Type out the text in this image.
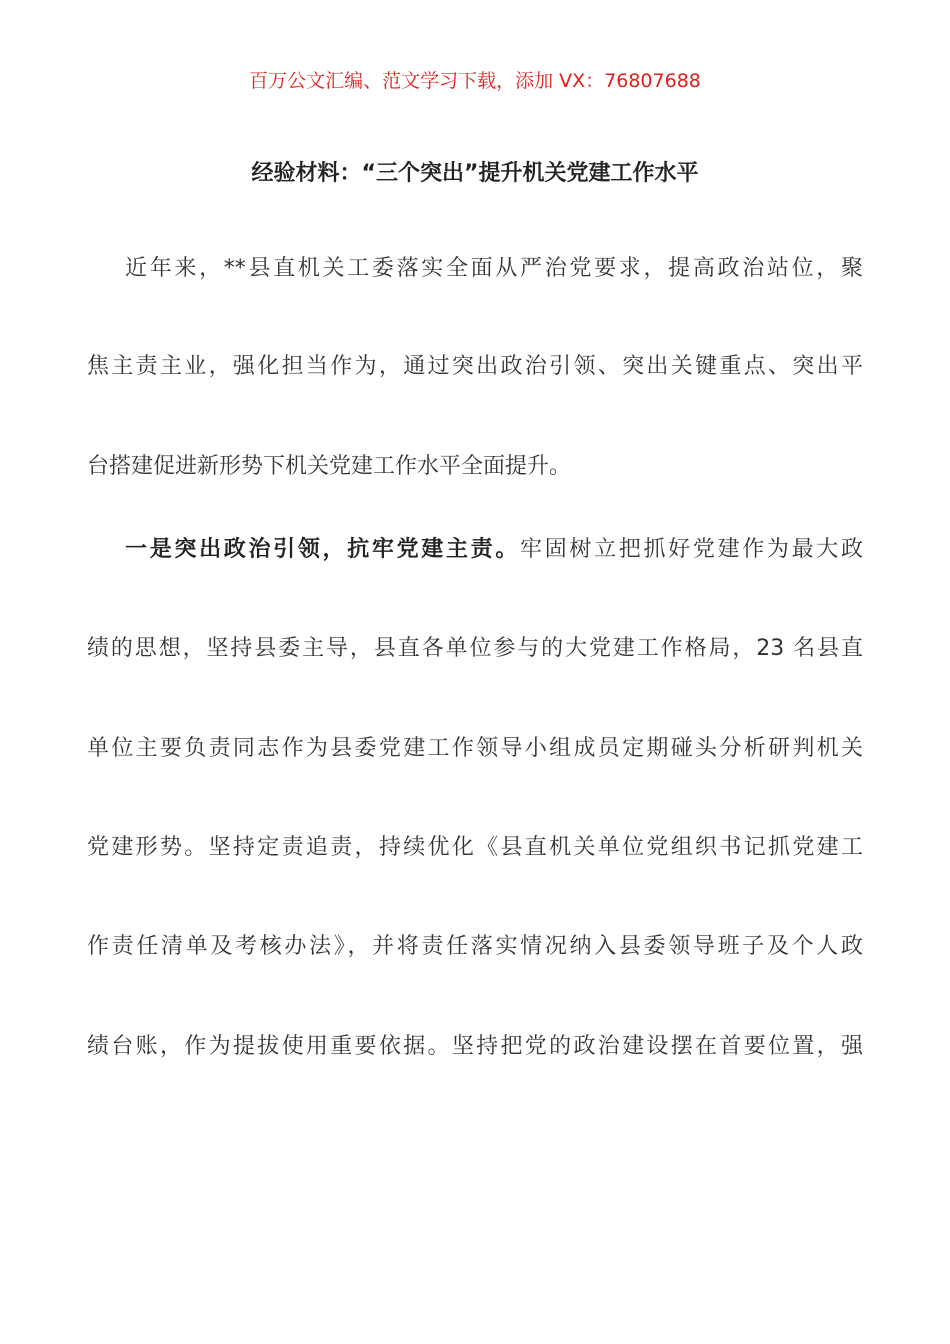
百万公文汇编、范文学习下载，添加 VX：76807688
经验材料：“三个突出”提升机关党建工作水平
近年来，**县直机关工委落实全面从严治党要求，提高政治站位，聚
焦主责主业，强化担当作为，通过突出政治引领、突出关键重点、突出平
台搭建促进新形势下机关党建工作水平全面提升。
一是突出政治引领，抗牢党建主责。牢固树立把抓好党建作为最大政
绩的思想，坚持县委主导，县直各单位参与的大党建工作格局，23 名县直
单位主要负责同志作为县委党建工作领导小组成员定期碰头分析研判机关
党建形势。坚持定责追责，持续优化《县直机关单位党组织书记抓党建工
作责任清单及考核办法》，并将责任落实情况纳入县委领导班子及个人政
绩台账，作为提拔使用重要依据。坚持把党的政治建设摆在首要位置，强
